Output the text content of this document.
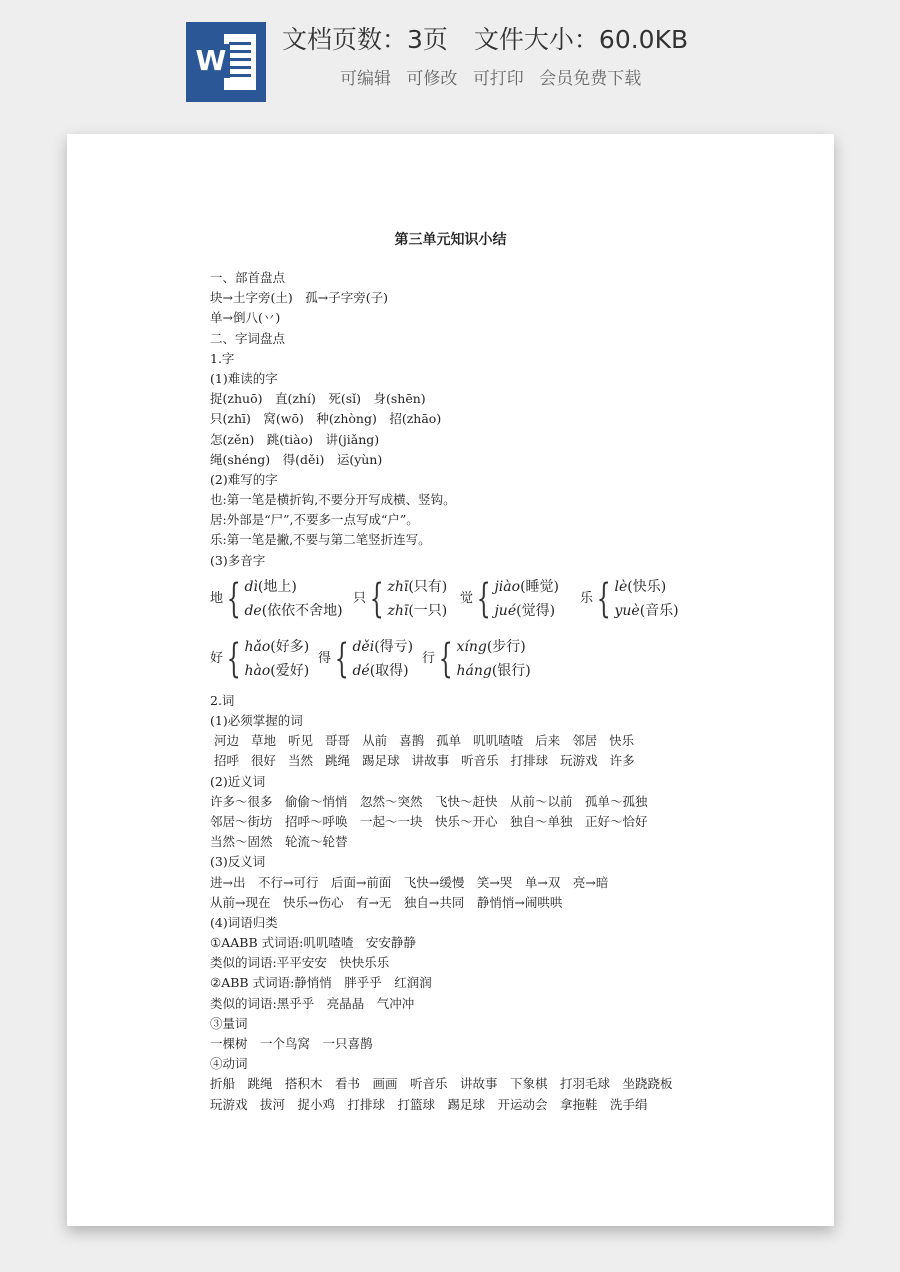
W
文档页数：3页 文件大小：60.0KB
可编辑 可修改 可打印 会员免费下载
第三单元知识小结
一、部首盘点
块→土字旁(土)　孤→子字旁(子)
单→倒八(丷)
二、字词盘点
1.字
(1)难读的字
捉(zhuō)　直(zhí)　死(sǐ)　身(shēn)
只(zhī)　窝(wō)　种(zhòng)　招(zhāo)
怎(zěn)　跳(tiào)　讲(jiǎng)
绳(shéng)　得(děi)　运(yùn)
(2)难写的字
也:第一笔是横折钩,不要分开写成横、竖钩。
居:外部是“尸”,不要多一点写成“户”。
乐:第一笔是撇,不要与第二笔竖折连写。
(3)多音字
地 { dì(地上)
de(依依不舍地)
只 { zhī(只有)
zhī(一只)
觉 { jiào(睡觉)
jué(觉得)
乐 { lè(快乐)
yuè(音乐)
好 { hǎo(好多)
hào(爱好)
得 { děi(得亏)
dé(取得)
行 { xíng(步行)
háng(银行)
2.词
(1)必须掌握的词
河边 草地 听见 哥哥 从前 喜鹊 孤单 叽叽喳喳 后来 邻居 快乐
招呼 很好 当然 跳绳 踢足球 讲故事 听音乐 打排球 玩游戏 许多
(2)近义词
许多～很多　偷偷～悄悄　忽然～突然　飞快～赶快　从前～以前　孤单～孤独
邻居～街坊　招呼～呼唤　一起～一块　快乐～开心　独自～单独　正好～恰好
当然～固然　轮流～轮替
(3)反义词
进→出　不行→可行　后面→前面　飞快→缓慢　笑→哭　单→双　亮→暗
从前→现在　快乐→伤心　有→无　独自→共同　静悄悄→闹哄哄
(4)词语归类
①AABB 式词语:叽叽喳喳　安安静静
类似的词语:平平安安　快快乐乐
②ABB 式词语:静悄悄　胖乎乎　红润润
类似的词语:黑乎乎　亮晶晶　气冲冲
③量词
一棵树　一个鸟窝　一只喜鹊
④动词
折船　跳绳　搭积木　看书　画画　听音乐　讲故事　下象棋　打羽毛球　坐跷跷板
玩游戏　拔河　捉小鸡　打排球　打篮球　踢足球　开运动会　拿拖鞋　洗手绢
